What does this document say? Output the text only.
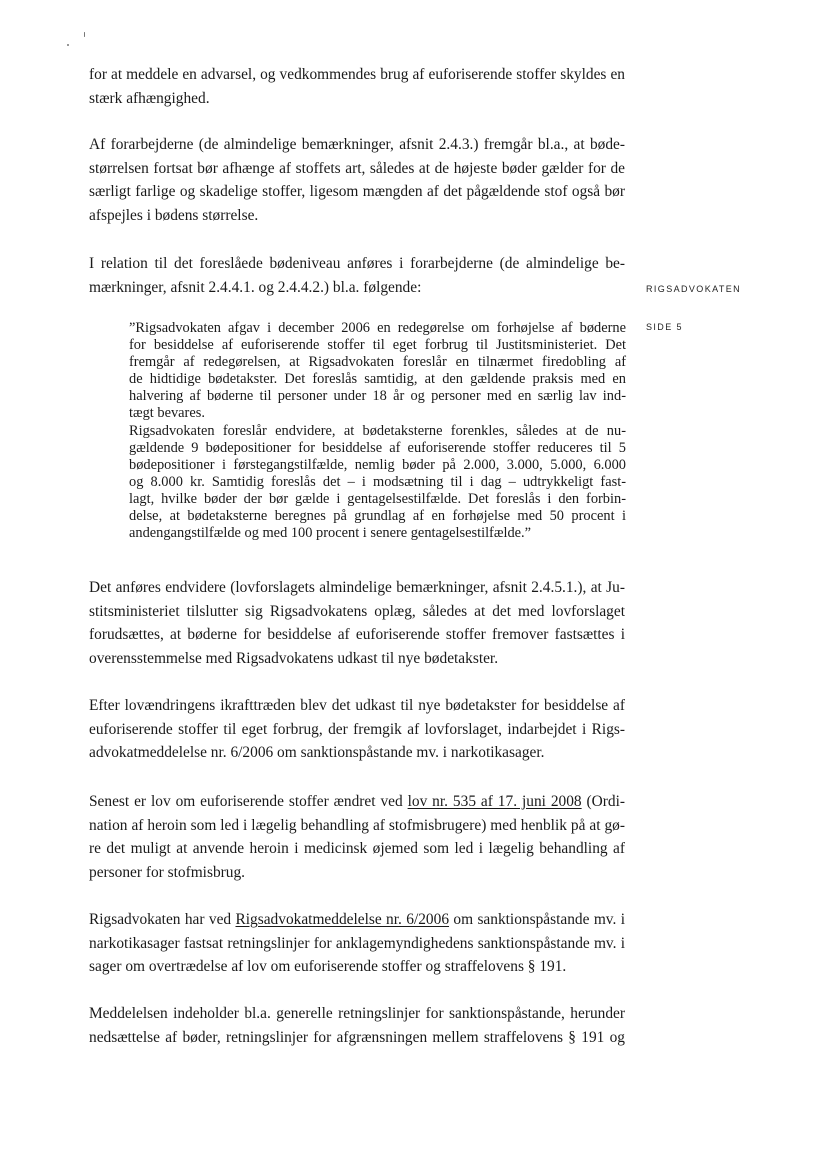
RIGSADVOKATEN
SIDE 5
for at meddele en advarsel, og vedkommendes brug af euforiserende stoffer skyldes en
stærk afhængighed.
Af forarbejderne (de almindelige bemærkninger, afsnit 2.4.3.) fremgår bl.a., at bøde-
størrelsen fortsat bør afhænge af stoffets art, således at de højeste bøder gælder for de
særligt farlige og skadelige stoffer, ligesom mængden af det pågældende stof også bør
afspejles i bødens størrelse.
I relation til det foreslåede bødeniveau anføres i forarbejderne (de almindelige be-
mærkninger, afsnit 2.4.4.1. og 2.4.4.2.) bl.a. følgende:
”Rigsadvokaten afgav i december 2006 en redegørelse om forhøjelse af bøderne
for besiddelse af euforiserende stoffer til eget forbrug til Justitsministeriet. Det
fremgår af redegørelsen, at Rigsadvokaten foreslår en tilnærmet firedobling af
de hidtidige bødetakster. Det foreslås samtidig, at den gældende praksis med en
halvering af bøderne til personer under 18 år og personer med en særlig lav ind-
tægt bevares.
Rigsadvokaten foreslår endvidere, at bødetaksterne forenkles, således at de nu-
gældende 9 bødepositioner for besiddelse af euforiserende stoffer reduceres til 5
bødepositioner i førstegangstilfælde, nemlig bøder på 2.000, 3.000, 5.000, 6.000
og 8.000 kr. Samtidig foreslås det – i modsætning til i dag – udtrykkeligt fast-
lagt, hvilke bøder der bør gælde i gentagelsestilfælde. Det foreslås i den forbin-
delse, at bødetaksterne beregnes på grundlag af en forhøjelse med 50 procent i
andengangstilfælde og med 100 procent i senere gentagelsestilfælde.”
Det anføres endvidere (lovforslagets almindelige bemærkninger, afsnit 2.4.5.1.), at Ju-
stitsministeriet tilslutter sig Rigsadvokatens oplæg, således at det med lovforslaget
forudsættes, at bøderne for besiddelse af euforiserende stoffer fremover fastsættes i
overensstemmelse med Rigsadvokatens udkast til nye bødetakster.
Efter lovændringens ikrafttræden blev det udkast til nye bødetakster for besiddelse af
euforiserende stoffer til eget forbrug, der fremgik af lovforslaget, indarbejdet i Rigs-
advokatmeddelelse nr. 6/2006 om sanktionspåstande mv. i narkotikasager.
Senest er lov om euforiserende stoffer ændret ved lov nr. 535 af 17. juni 2008 (Ordi-
nation af heroin som led i lægelig behandling af stofmisbrugere) med henblik på at gø-
re det muligt at anvende heroin i medicinsk øjemed som led i lægelig behandling af
personer for stofmisbrug.
Rigsadvokaten har ved Rigsadvokatmeddelelse nr. 6/2006 om sanktionspåstande mv. i
narkotikasager fastsat retningslinjer for anklagemyndighedens sanktionspåstande mv. i
sager om overtrædelse af lov om euforiserende stoffer og straffelovens § 191.
Meddelelsen indeholder bl.a. generelle retningslinjer for sanktionspåstande, herunder
nedsættelse af bøder, retningslinjer for afgrænsningen mellem straffelovens § 191 og
